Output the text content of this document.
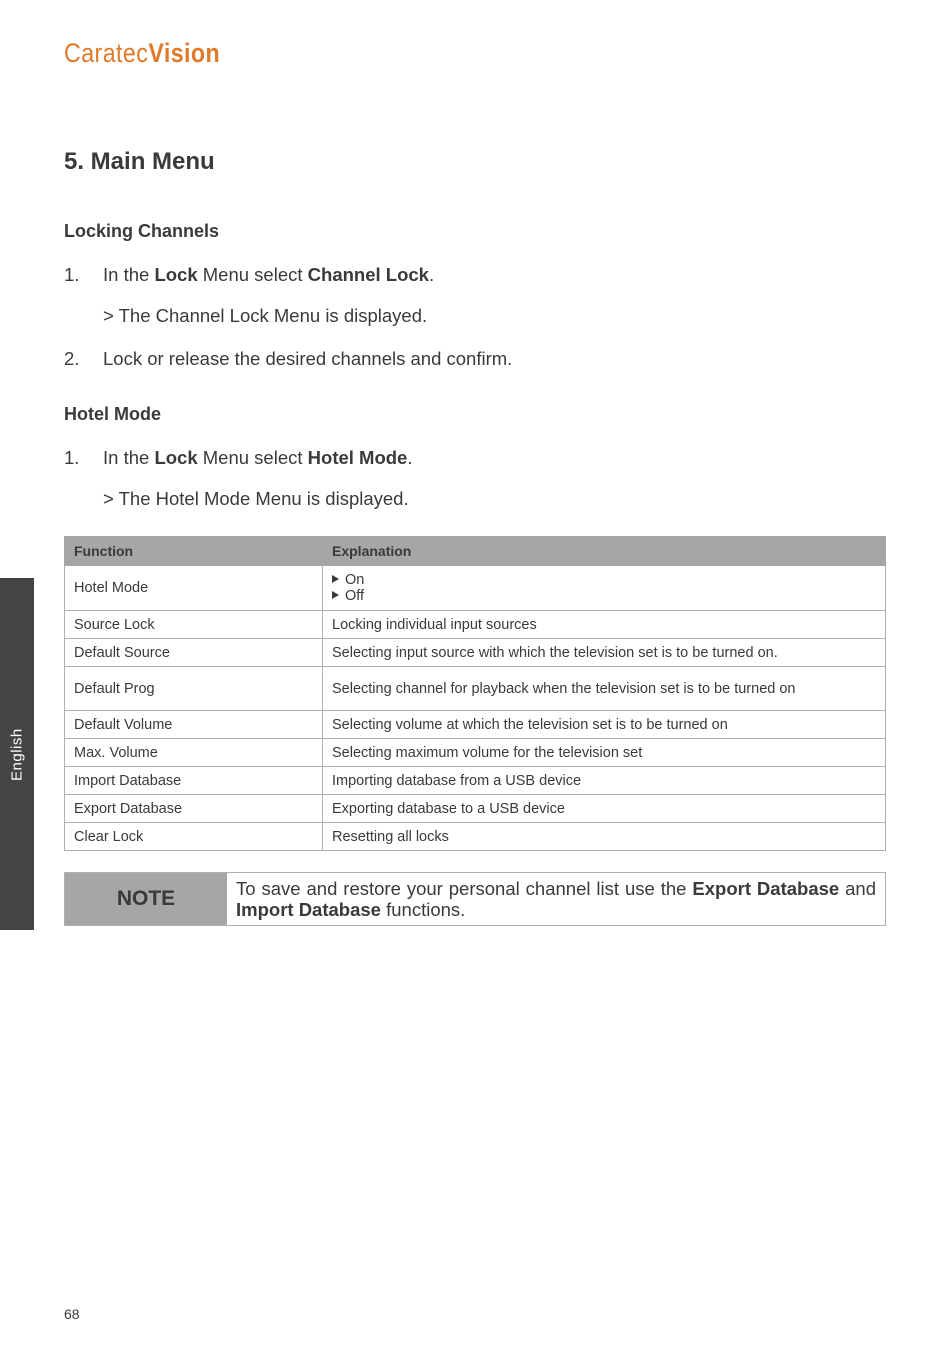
CaratecVision
English
5. Main Menu
Locking Channels
1. In the Lock Menu select Channel Lock.
> The Channel Lock Menu is displayed.
2. Lock or release the desired channels and confirm.
Hotel Mode
1. In the Lock Menu select Hotel Mode.
> The Hotel Mode Menu is displayed.
Function	Explanation
Hotel Mode	On
Off

Source Lock	Locking individual input sources
Default Source	Selecting input source with which the television set is to be turned on.
Default Prog	Selecting channel for playback when the television set is to be turned on
Default Volume	Selecting volume at which the television set is to be turned on
Max. Volume	Selecting maximum volume for the television set
Import Database	Importing database from a USB device
Export Database	Exporting database to a USB device
Clear Lock	Resetting all locks
NOTE	To save and restore your personal channel list use the Export Database and Import Database functions.
68
